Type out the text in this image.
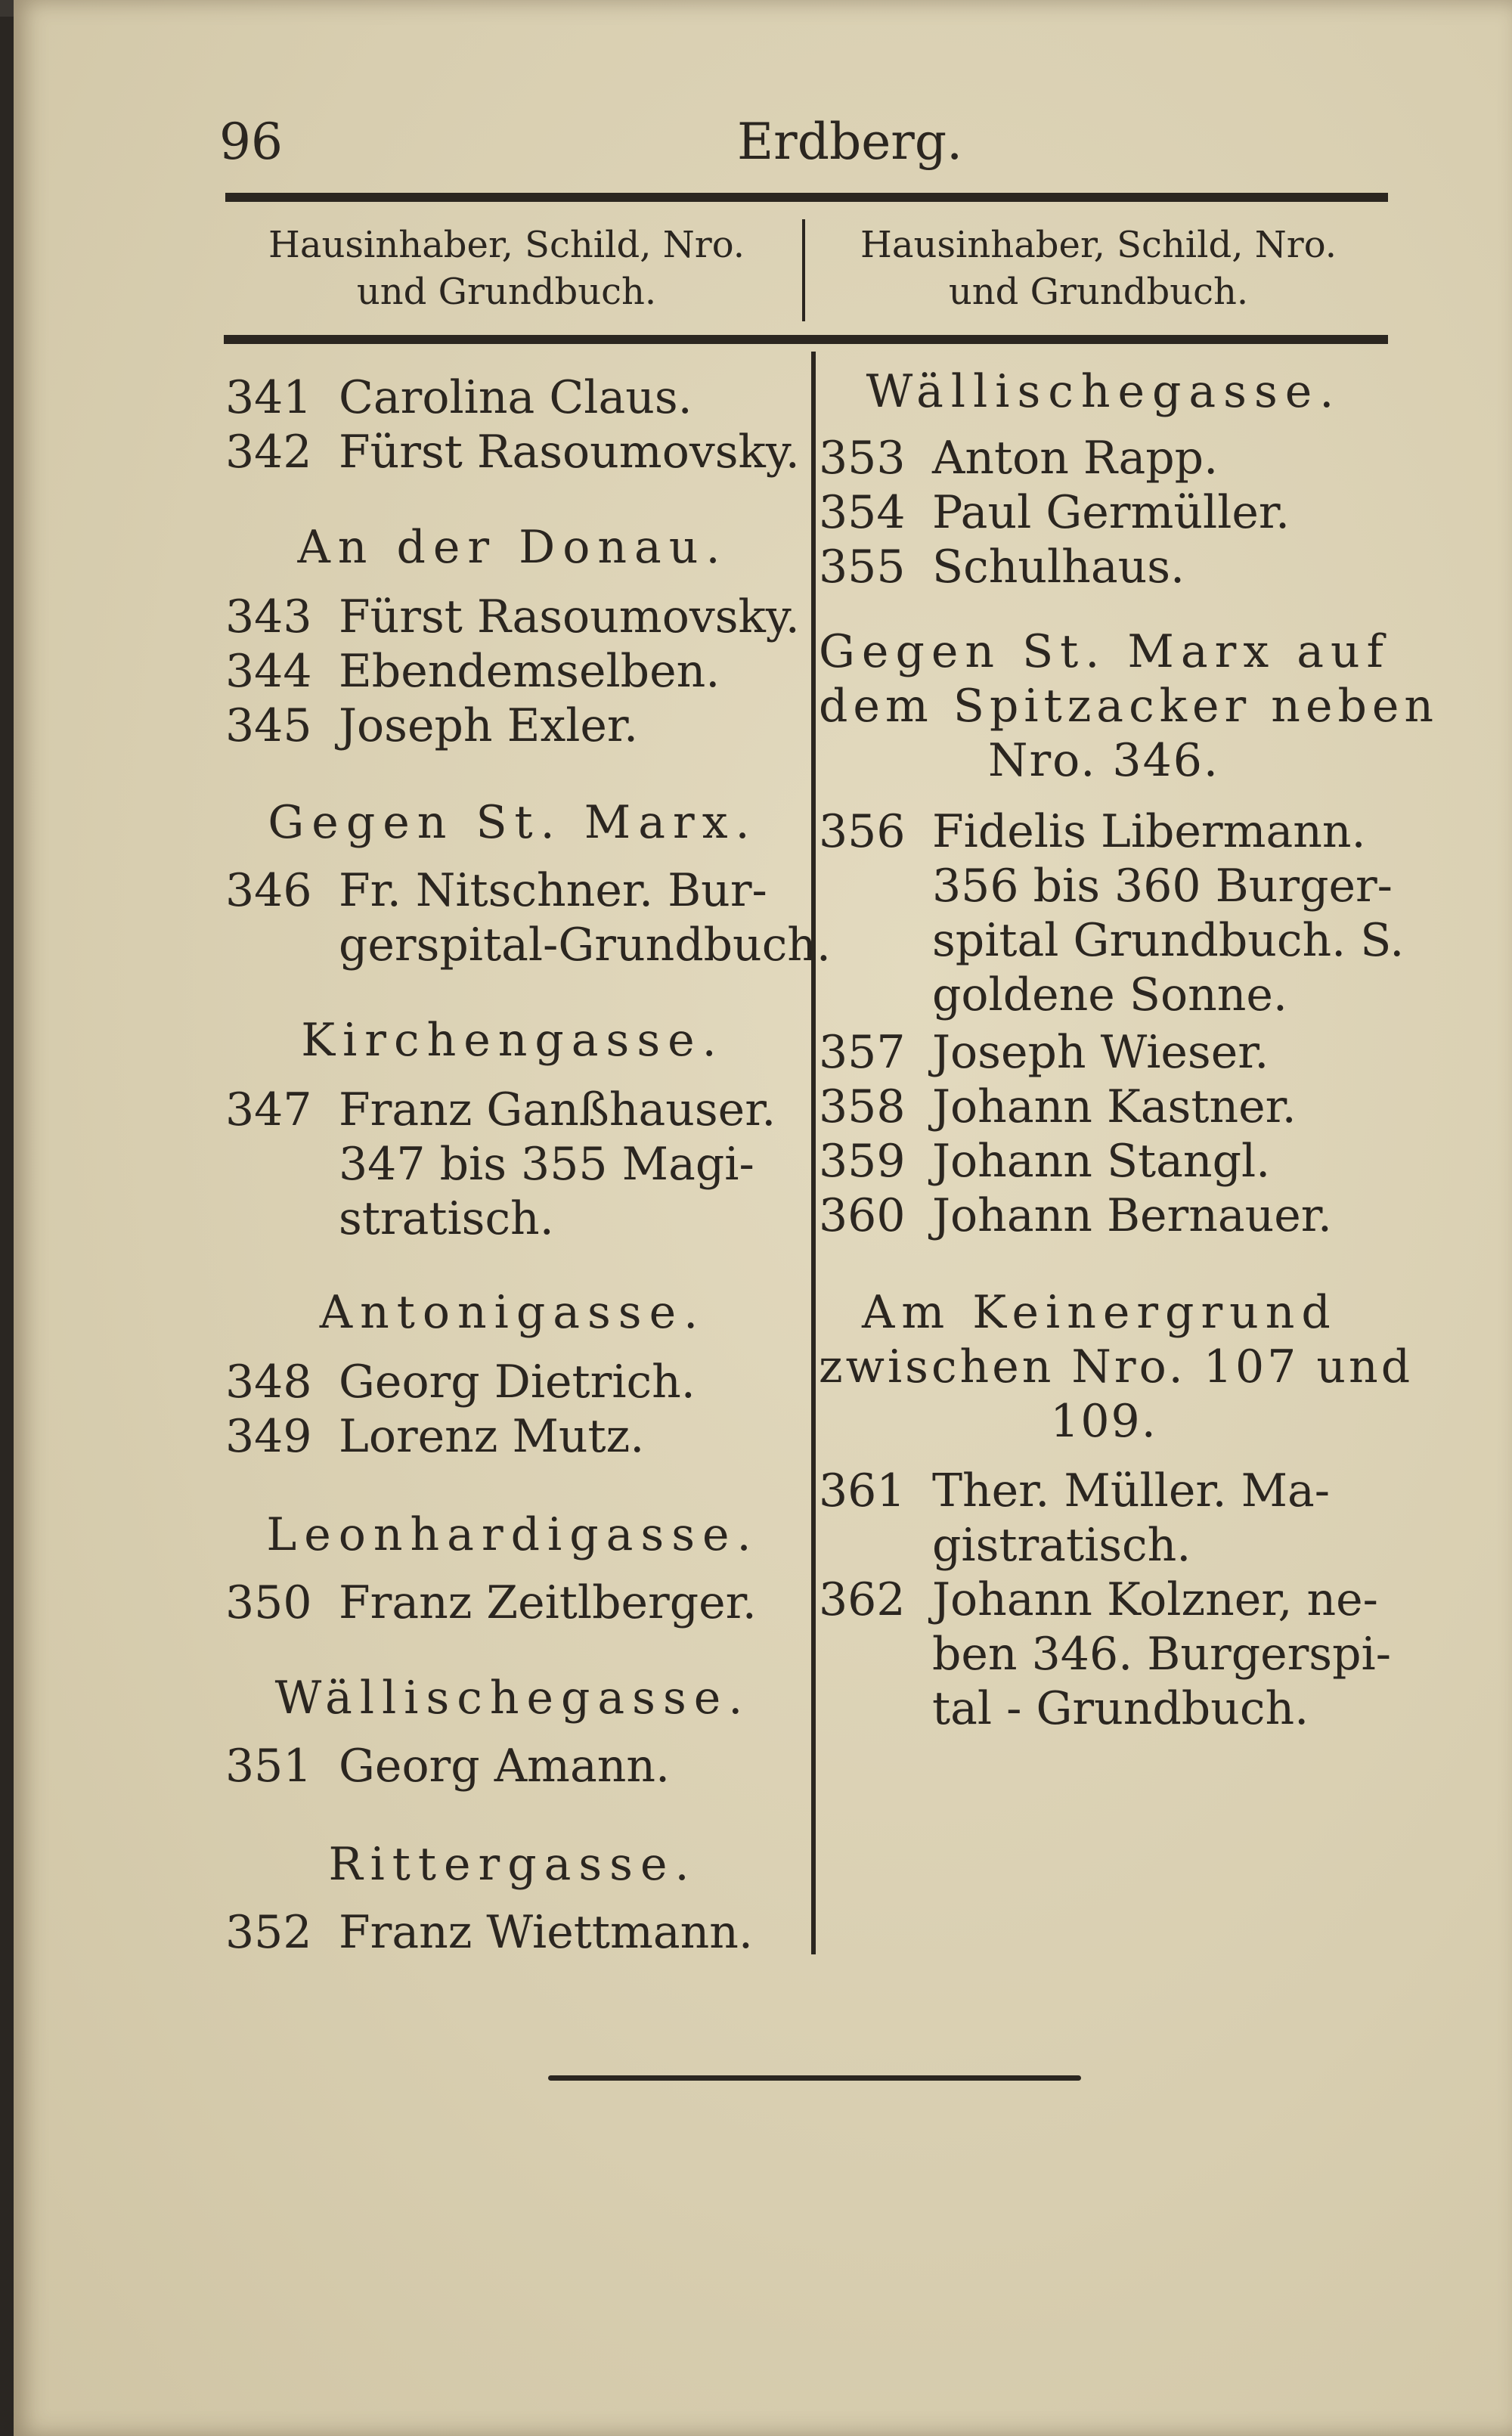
96	Erdberg.
Hausinhaber, Schild, Nro.
und Grundbuch.
Hausinhaber, Schild, Nro.
und Grundbuch.
341 Carolina Claus.
342 Fürst Rasoumovsky.
An der Donau.
343 Fürst Rasoumovsky.
344 Ebendemselben.
345 Joseph Exler.
Gegen St. Marx.
346 Fr. Nitschner. Bur-
gerspital-Grundbuch.
Kirchengasse.
347 Franz Ganßhauser.
347 bis 355 Magi-
stratisch.
Antonigasse.
348 Georg Dietrich.
349 Lorenz Mutz.
Leonhardigasse.
350 Franz Zeitlberger.
Wällischegasse.
351 Georg Amann.
Rittergasse.
352 Franz Wiettmann.
Wällischegasse.
353 Anton Rapp.
354 Paul Germüller.
355 Schulhaus.
Gegen St. Marx auf
dem Spitzacker neben
Nro. 346.
356 Fidelis Libermann.
356 bis 360 Burger-
spital Grundbuch. S.
goldene Sonne.
357 Joseph Wieser.
358 Johann Kastner.
359 Johann Stangl.
360 Johann Bernauer.
Am Keinergrund
zwischen Nro. 107 und
109.
361 Ther. Müller. Ma-
gistratisch.
362 Johann Kolzner, ne-
ben 346. Burgerspi-
tal - Grundbuch.
